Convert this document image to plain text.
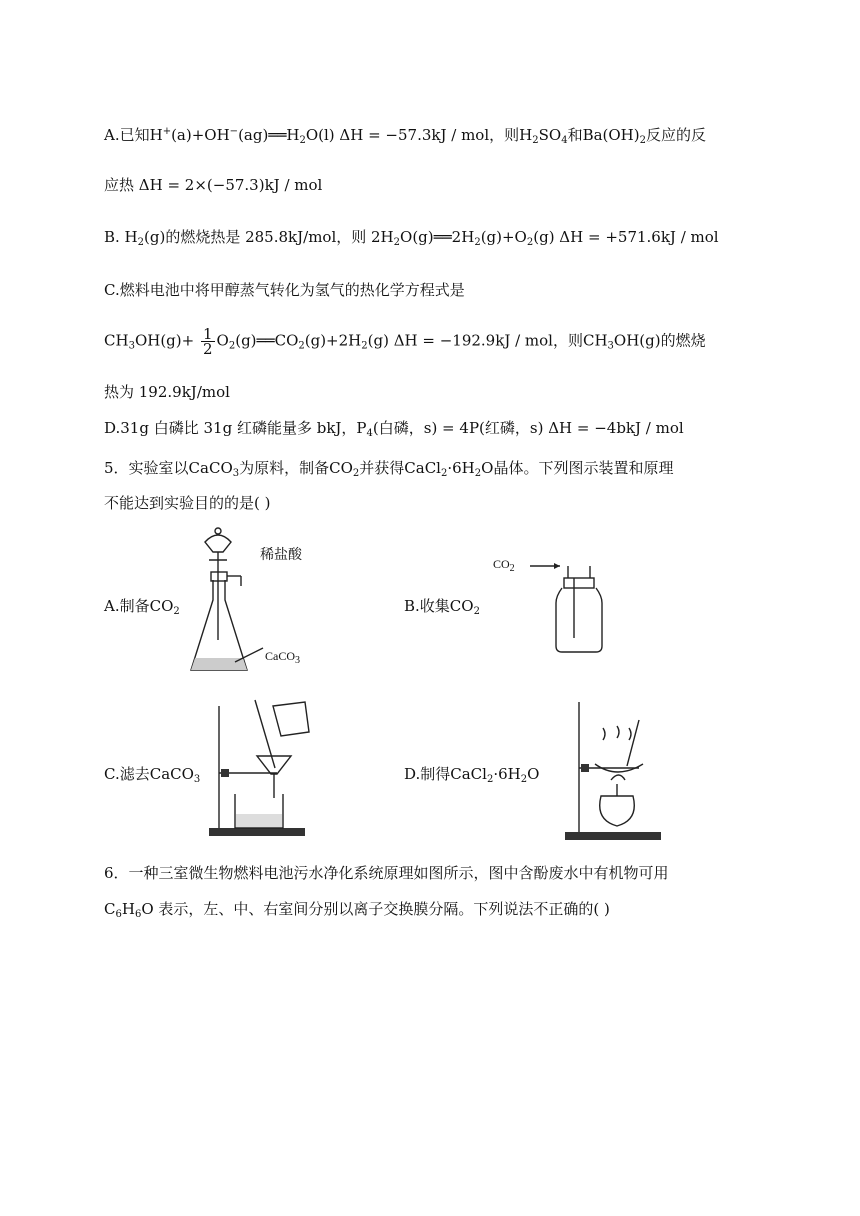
A.已知$H^+(a)+OH^-(ag)══H_2O(l) \Delta H = -57.3kJ$ / mol，则$H_2SO_4$和$Ba(OH)_2$反应的反
应热 ΔH = 2×(−57.3)kJ / mol
B. $H_2(g)$的燃烧热是 285.8kJ/mol，则 $2H_2O(g)══2H_2(g)+O_2(g) \Delta H = +571.6kJ$ / mol
C.燃料电池中将甲醇蒸气转化为氢气的热化学方程式是
$CH_3OH(g)+ \frac{1}{2}$ $O_2(g)══CO_2(g)+2H_2(g) \Delta H = -192.9kJ$ / mol，则$CH_3OH(g)$的燃烧
热为 192.9kJ/mol
D.31g 白磷比 31g 红磷能量多 bkJ，$P_4$(白磷，s) = 4P(红磷，s) ΔH = −4bkJ / mol
5．实验室以CaCO$_3$为原料，制备$CO_2$并获得$CaCl_2\cdot 6H_2O$晶体。下列图示装置和原理
不能达到实验目的的是( )
A.制备$CO_2$	B.收集$CO_2$
C.滤去CaCO$_3$	D.制得$CaCl_2\cdot 6H_2O$
稀盐酸
CaCO$_3$
$CO_2$
6．一种三室微生物燃料电池污水净化系统原理如图所示，图中含酚废水中有机物可用
$C_6H_6O$ 表示，左、中、右室间分别以离子交换膜分隔。下列说法不正确的( )
